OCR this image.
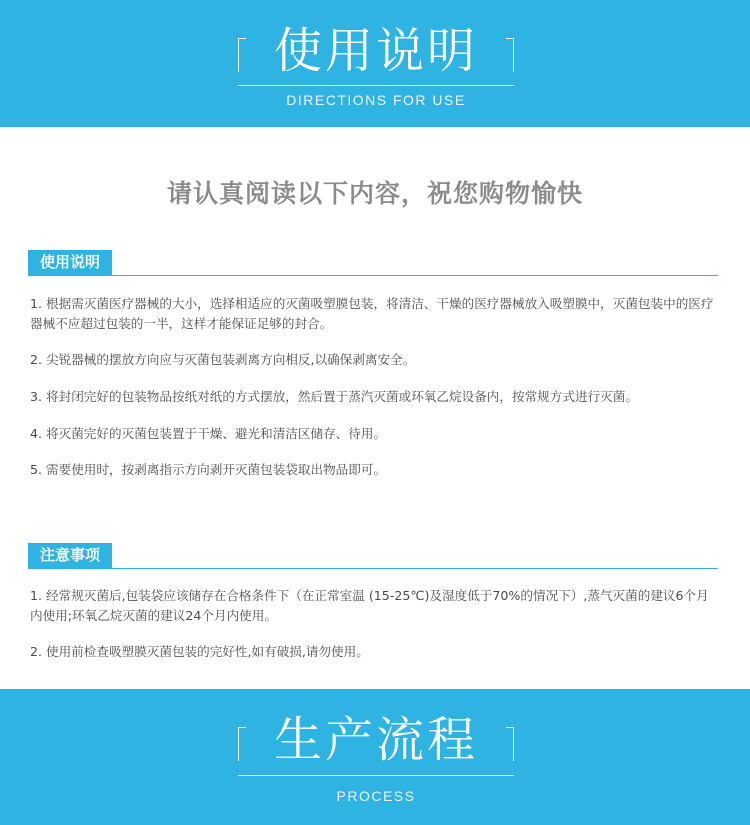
使用说明
DIRECTIONS FOR USE
请认真阅读以下内容，祝您购物愉快
使用说明
1. 根据需灭菌医疗器械的大小，选择相适应的灭菌吸塑膜包装，将清洁、干燥的医疗器械放入吸塑膜中，灭菌包装中的医疗器械不应超过包装的一半，这样才能保证足够的封合。
2. 尖锐器械的摆放方向应与灭菌包装剥离方向相反,以确保剥离安全。
3. 将封闭完好的包装物品按纸对纸的方式摆放，然后置于蒸汽灭菌或环氧乙烷设备内，按常规方式进行灭菌。
4. 将灭菌完好的灭菌包装置于干燥、避光和清洁区储存、待用。
5. 需要使用时，按剥离指示方向剥开灭菌包装袋取出物品即可。
注意事项
1. 经常规灭菌后,包装袋应该储存在合格条件下（在正常室温 (15-25℃)及湿度低于70%的情况下）,蒸气灭菌的建议6个月内使用;环氧乙烷灭菌的建议24个月内使用。
2. 使用前检查吸塑膜灭菌包装的完好性,如有破损,请勿使用。
生产流程
PROCESS
